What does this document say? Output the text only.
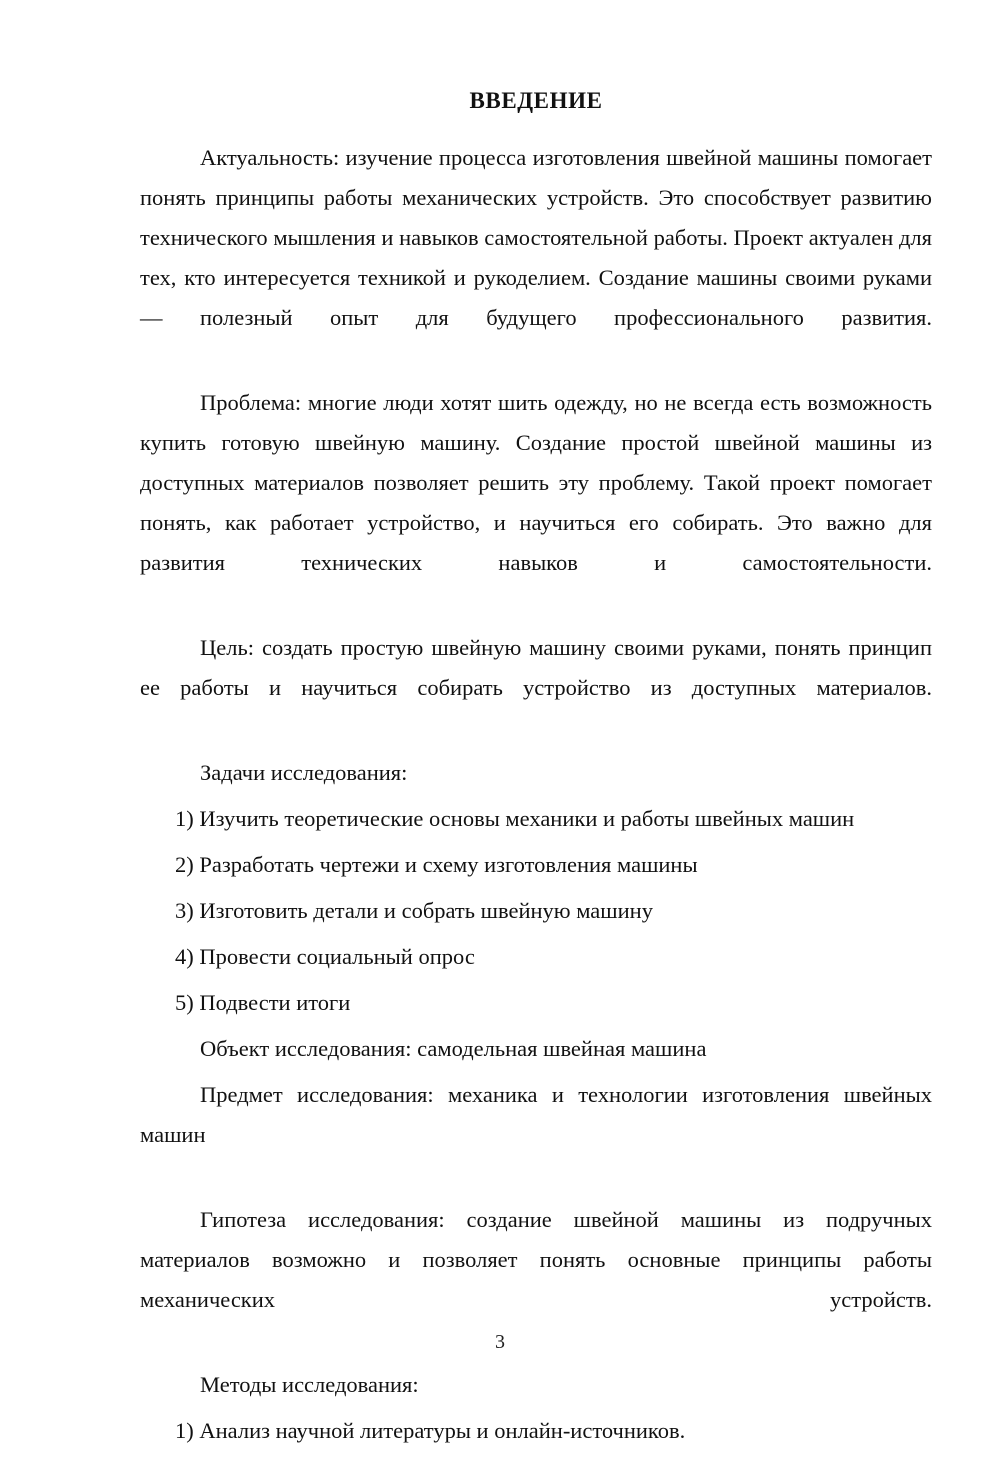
ВВЕДЕНИЕ

Актуальность: изучение процесса изготовления швейной машины помогает понять принципы работы механических устройств. Это способствует развитию технического мышления и навыков самостоятельной работы. Проект актуален для тех, кто интересуется техникой и рукоделием. Создание машины своими руками — полезный опыт для будущего профессионального развития.

Проблема: многие люди хотят шить одежду, но не всегда есть возможность купить готовую швейную машину. Создание простой швейной машины из доступных материалов позволяет решить эту проблему. Такой проект помогает понять, как работает устройство, и научиться его собирать. Это важно для развития технических навыков и самостоятельности.

Цель: создать простую швейную машину своими руками, понять принцип ее работы и научиться собирать устройство из доступных материалов.

Задачи исследования:

1) Изучить теоретические основы механики и работы швейных машин
2) Разработать чертежи и схему изготовления машины
3) Изготовить детали и собрать швейную машину
4) Провести социальный опрос
5) Подвести итоги

Объект исследования: самодельная швейная машина

Предмет исследования: механика и технологии изготовления швейных машин

Гипотеза исследования: создание швейной машины из подручных материалов возможно и позволяет понять основные принципы работы механических устройств.

Методы исследования:

1) Анализ научной литературы и онлайн-источников.
3
